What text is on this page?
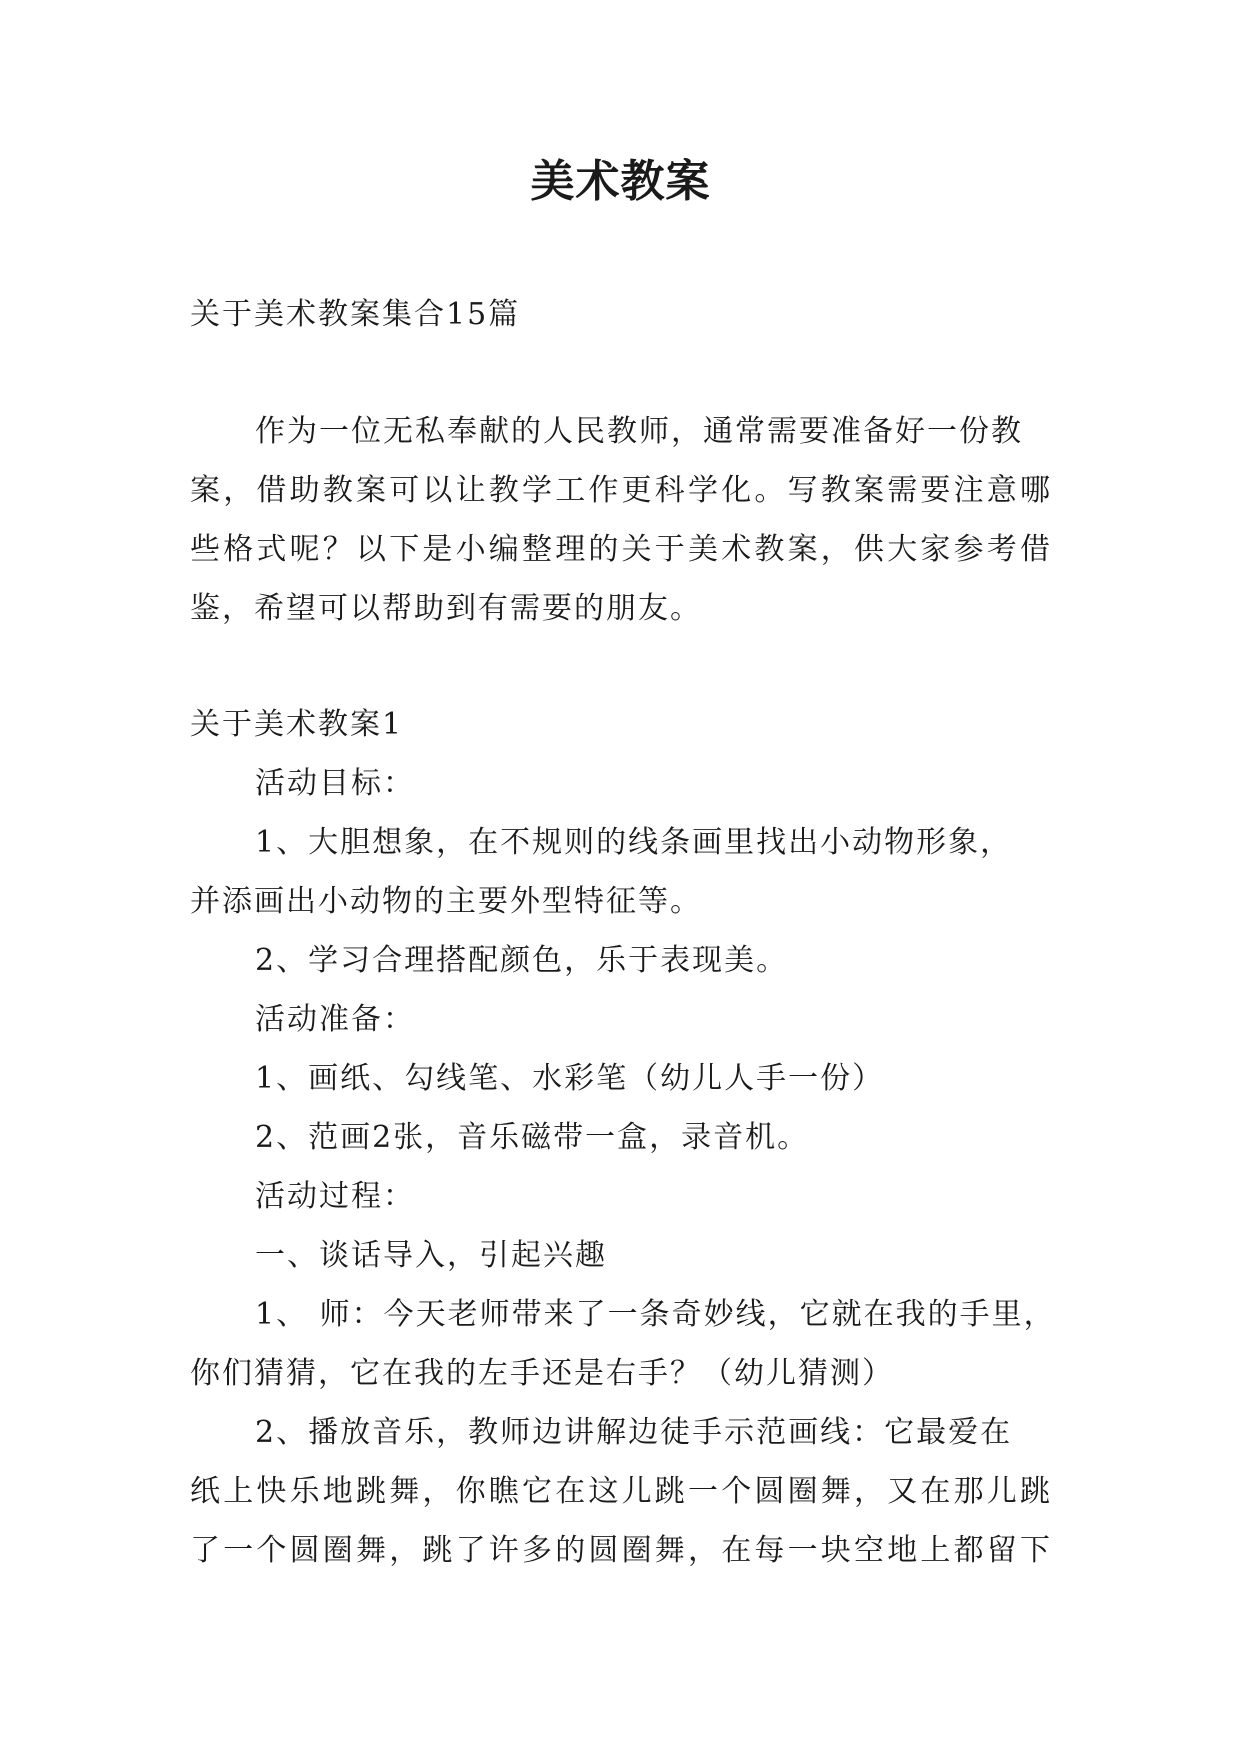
美术教案
关于美术教案集合15篇
作为一位无私奉献的人民教师，通常需要准备好一份教
案，借助教案可以让教学工作更科学化。写教案需要注意哪
些格式呢？以下是小编整理的关于美术教案，供大家参考借
鉴，希望可以帮助到有需要的朋友。
关于美术教案1
活动目标：
1、大胆想象，在不规则的线条画里找出小动物形象，
并添画出小动物的主要外型特征等。
2、学习合理搭配颜色，乐于表现美。
活动准备：
1、画纸、勾线笔、水彩笔（幼儿人手一份）
2、范画2张，音乐磁带一盒，录音机。
活动过程：
一、谈话导入，引起兴趣
1、 师：今天老师带来了一条奇妙线，它就在我的手里，
你们猜猜，它在我的左手还是右手？（幼儿猜测）
2、播放音乐，教师边讲解边徒手示范画线：它最爱在
纸上快乐地跳舞，你瞧它在这儿跳一个圆圈舞，又在那儿跳
了一个圆圈舞，跳了许多的圆圈舞，在每一块空地上都留下
